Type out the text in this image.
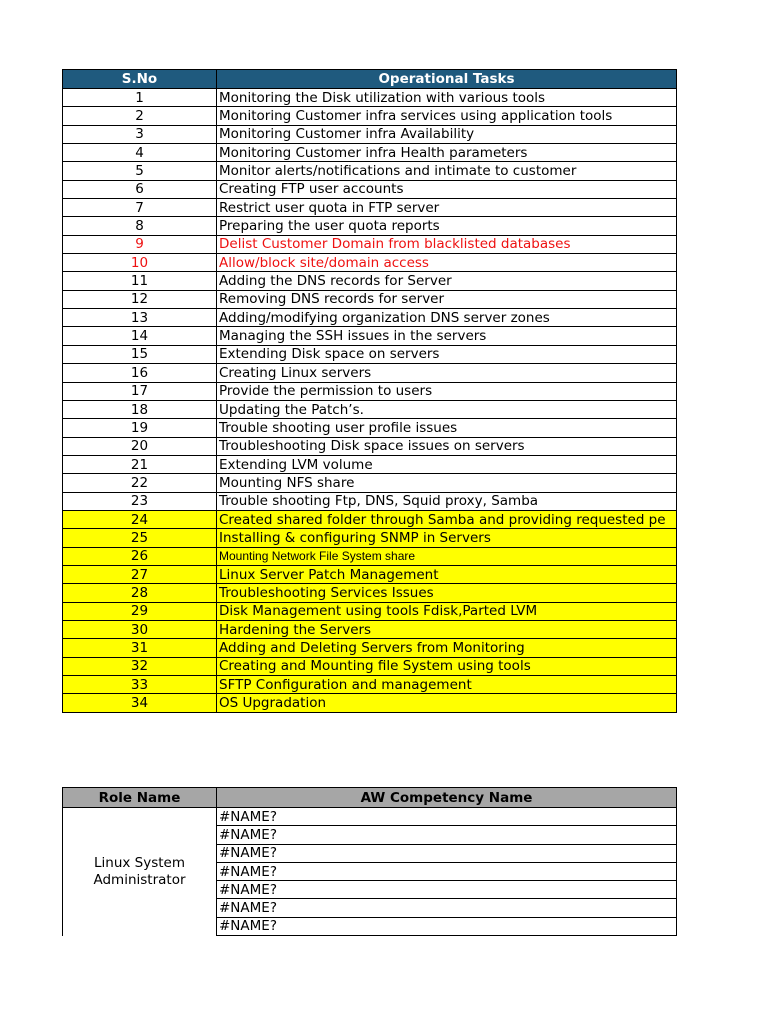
S.No	Operational Tasks
1	Monitoring the Disk utilization with various tools
2	Monitoring Customer infra services using application tools
3	Monitoring Customer infra Availability
4	Monitoring Customer infra Health parameters
5	Monitor alerts/notifications and intimate to customer
6	Creating FTP user accounts
7	Restrict user quota in FTP server
8	Preparing the user quota reports
9	Delist Customer Domain from blacklisted databases
10	Allow/block site/domain access
11	Adding the DNS records for Server
12	Removing DNS records for server
13	Adding/modifying organization DNS server zones
14	Managing the SSH issues in the servers
15	Extending Disk space on servers
16	Creating Linux servers
17	Provide the permission to users
18	Updating the Patch’s.
19	Trouble shooting user profile issues
20	Troubleshooting Disk space issues on servers
21	Extending LVM volume
22	Mounting NFS share
23	Trouble shooting Ftp, DNS, Squid proxy, Samba
24	Created shared folder through Samba and providing requested pe
25	Installing & configuring SNMP in Servers
26	Mounting Network File System share
27	Linux Server Patch Management
28	Troubleshooting Services Issues
29	Disk Management using tools Fdisk,Parted LVM
30	Hardening the Servers
31	Adding and Deleting Servers from Monitoring
32	Creating and Mounting file System using tools
33	SFTP Configuration and management
34	OS Upgradation
Role Name	AW Competency Name
Linux System Administrator	#NAME?
	#NAME?
	#NAME?
	#NAME?
	#NAME?
	#NAME?
	#NAME?
